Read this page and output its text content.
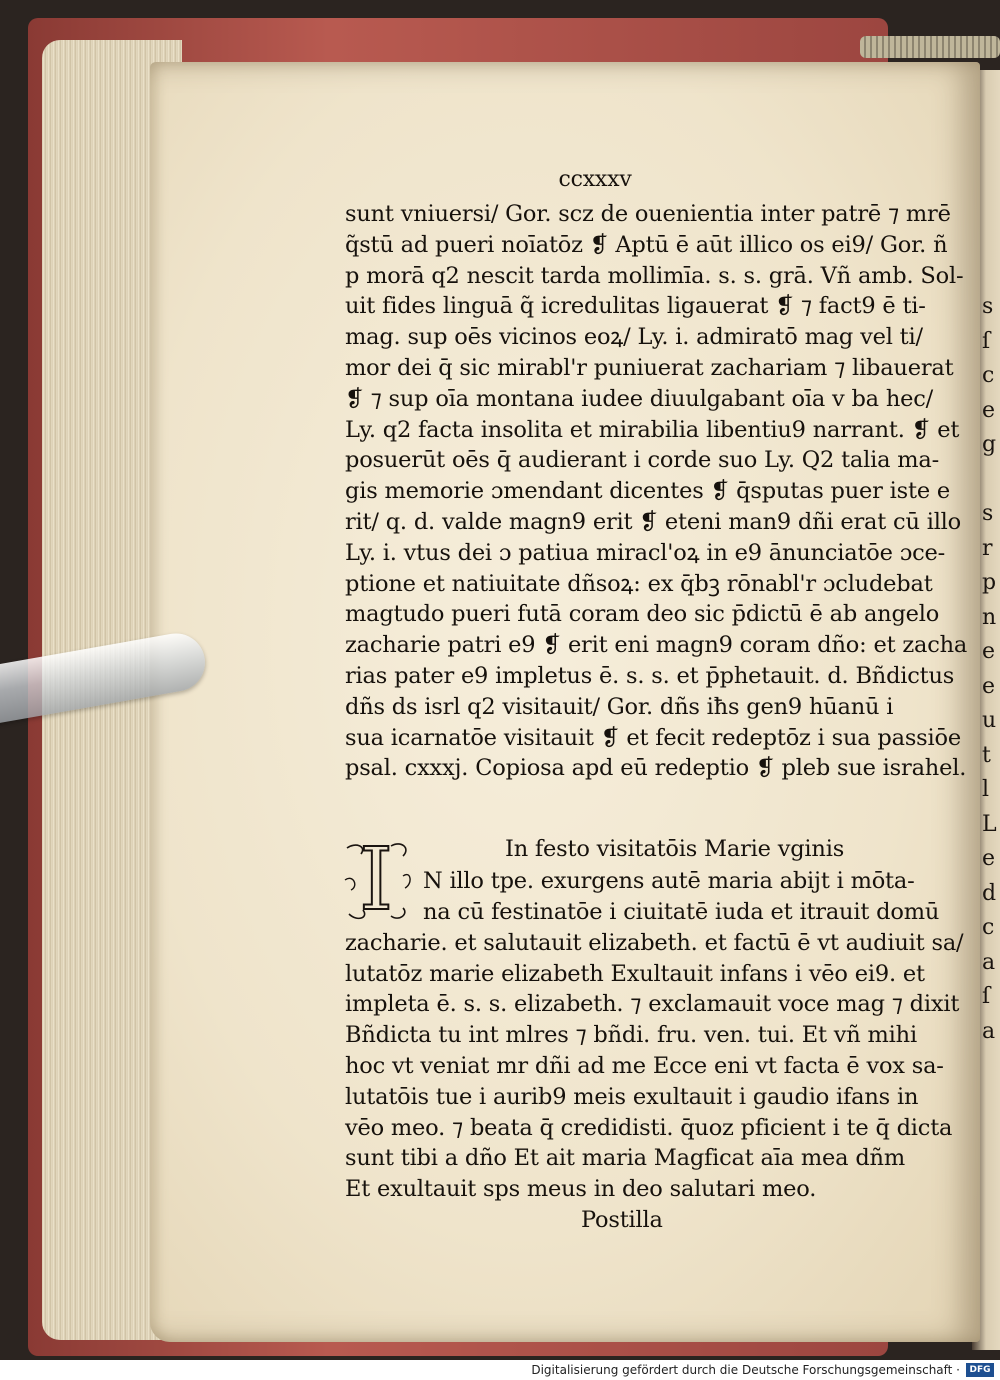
s
ſ
c
e
g
s
r
p
n
e
e
u
t
l
L
e
d
c
a
ſ
a
ccxxxv
sunt vniuersi/ Gor. scz de ouenientia inter patrē ⁊ mrē
q̃stū ad pueri noīatōz ❡ Aptū ē aūt illico os ei9/ Gor. ñ
p morā q2 nescit tarda mollimīa. s. s. grā. Vñ amb. Sol-
uit fides linguā q̃ icredulitas ligauerat ❡ ⁊ fact9 ē ti-
mag. sup oēs vicinos eoꝝ/ Ly. i. admiratō mag vel ti/
mor dei q̄ sic mirabl'r puniuerat zachariam ⁊ libauerat
❡ ⁊ sup oīa montana iudee diuulgabant oīa v ba hec/
Ly. q2 facta insolita et mirabilia libentiu9 narrant. ❡ et
posuerūt oēs q̄ audierant i corde suo Ly. Q2 talia ma-
gis memorie ɔmendant dicentes ❡ q̄sputas puer iste e
rit/ q. d. valde magn9 erit ❡ eteni man9 dñi erat cū illo
Ly. i. vtus dei ɔ patiua miracl'oꝝ in e9 ānunciatōe ɔce-
ptione et natiuitate dñsoꝝ: ex q̄bꝫ rōnabl'r ɔcludebat
magtudo pueri futā coram deo sic p̄dictū ē ab angelo
zacharie patri e9 ❡ erit eni magn9 coram dño: et zacha
rias pater e9 impletus ē. s. s. et p̄phetauit. d. Bñdictus
dñs ds isrl q2 visitauit/ Gor. dñs iħs gen9 hūanū i
sua icarnatōe visitauit ❡ et fecit redeptōz i sua passiōe
psal. cxxxj. Copiosa apd eū redeptio ❡ pleb sue israhel.
In festo visitatōis Marie vginis
I	N illo tpe. exurgens autē maria abijt i mōta-
na cū festinatōe i ciuitatē iuda et itrauit domū
zacharie. et salutauit elizabeth. et factū ē vt audiuit sa/
lutatōz marie elizabeth Exultauit infans i vēo ei9. et
impleta ē. s. s. elizabeth. ⁊ exclamauit voce mag ⁊ dixit
Bñdicta tu int mlres ⁊ bñdi. fru. ven. tui. Et vñ mihi
hoc vt veniat mr dñi ad me Ecce eni vt facta ē vox sa-
lutatōis tue i aurib9 meis exultauit i gaudio ifans in
vēo meo. ⁊ beata q̄ credidisti. q̄uoz pficient i te q̄ dicta
sunt tibi a dño Et ait maria Magficat aīa mea dñm
Et exultauit sps meus in deo salutari meo.
Postilla
Digitalisierung gefördert durch die Deutsche Forschungsgemeinschaft ·	DFG
